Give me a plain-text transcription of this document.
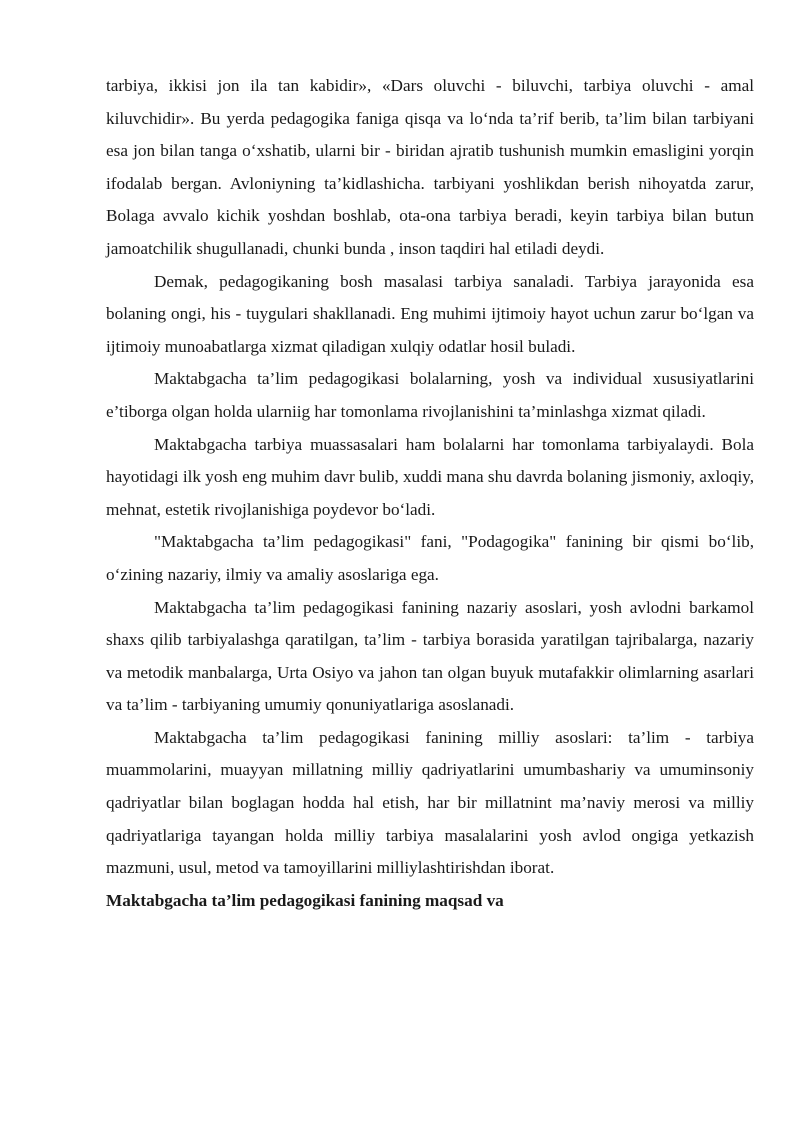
tarbiya, ikkisi jon ila tan kabidir», «Dars oluvchi - biluvchi, tarbiya oluvchi - amal kiluvchidir». Bu yerda pedagogika faniga qisqa va lo‘nda ta’rif berib, ta’lim bilan tarbiyani esa jon bilan tanga o‘xshatib, ularni bir - biridan ajratib tushunish mumkin emasligini yorqin ifodalab bergan. Avloniyning ta’kidlashicha. tarbiyani yoshlikdan berish nihoyatda zarur, Bolaga avvalo kichik yoshdan boshlab, ota-ona tarbiya beradi, keyin tarbiya bilan butun jamoatchilik shugullanadi, chunki bunda , inson taqdiri hal etiladi deydi.

Demak, pedagogikaning bosh masalasi tarbiya sanaladi. Tarbiya jarayonida esa bolaning ongi, his - tuygulari shakllanadi. Eng muhimi ijtimoiy hayot uchun zarur bo‘lgan va ijtimoiy munoabatlarga xizmat qiladigan xulqiy odatlar hosil buladi.

Maktabgacha ta’lim pedagogikasi bolalarning, yosh va individual xususiyatlarini e’tiborga olgan holda ularniig har tomonlama rivojlanishini ta’minlashga xizmat qiladi.

Maktabgacha tarbiya muassasalari ham bolalarni har tomonlama tarbiyalaydi. Bola hayotidagi ilk yosh eng muhim davr bulib, xuddi mana shu davrda bolaning jismoniy, axloqiy, mehnat, estetik rivojlanishiga poydevor bo‘ladi.

"Maktabgacha ta’lim pedagogikasi" fani, "Podagogika" fanining bir qismi bo‘lib, o‘zining nazariy, ilmiy va amaliy asoslariga ega.

Maktabgacha ta’lim pedagogikasi fanining nazariy asoslari, yosh avlodni barkamol shaxs qilib tarbiyalashga qaratilgan, ta’lim - tarbiya borasida yaratilgan tajribalarga, nazariy va metodik manbalarga, Urta Osiyo va jahon tan olgan buyuk mutafakkir olimlarning asarlari va ta’lim - tarbiyaning umumiy qonuniyatlariga asoslanadi.

Maktabgacha ta’lim pedagogikasi fanining milliy asoslari: ta’lim - tarbiya muammolarini, muayyan millatning milliy qadriyatlarini umumbashariy va umuminsoniy qadriyatlar bilan boglagan hodda hal etish, har bir millatnint ma’naviy merosi va milliy qadriyatlariga tayangan holda milliy tarbiya masalalarini yosh avlod ongiga yetkazish mazmuni, usul, metod va tamoyillarini milliylashtirishdan iborat.

Maktabgacha ta’lim pedagogikasi fanining maqsad va
